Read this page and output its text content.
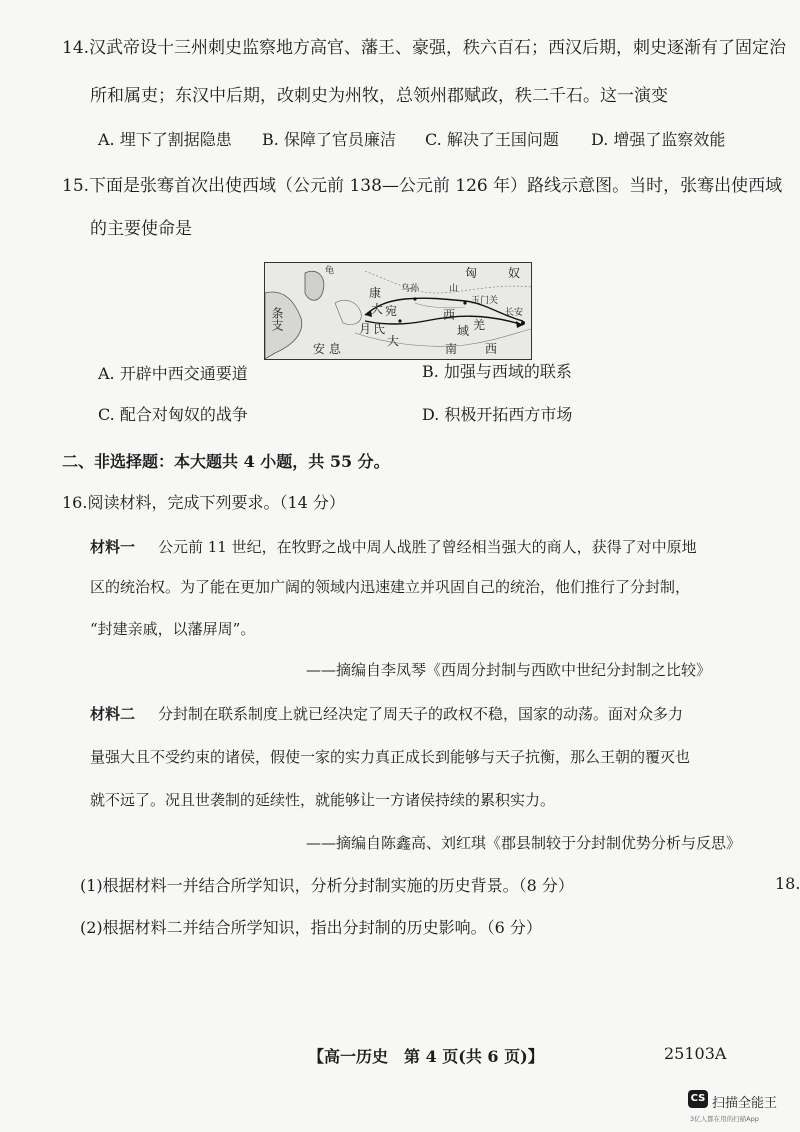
14.汉武帝设十三州刺史监察地方高官、藩王、豪强，秩六百石；西汉后期，刺史逐渐有了固定治
所和属吏；东汉中后期，改刺史为州牧，总领州郡赋政，秩二千石。这一演变
A. 埋下了割据隐患 B. 保障了官员廉洁 C. 解决了王国问题 D. 增强了监察效能
15.下面是张骞首次出使西域（公元前 138—公元前 126 年）路线示意图。当时，张骞出使西域
的主要使命是
匈	奴
龟
乌孙
康
宛
大
月 氏
大
西
域 羌
安 息
条支
南 西
山
玉门关
长安
A. 开辟中西交通要道	B. 加强与西域的联系
C. 配合对匈奴的战争	D. 积极开拓西方市场
二、非选择题：本大题共 4 小题，共 55 分。
16.阅读材料，完成下列要求。（14 分）
材料一 公元前 11 世纪，在牧野之战中周人战胜了曾经相当强大的商人，获得了对中原地
区的统治权。为了能在更加广阔的领域内迅速建立并巩固自己的统治，他们推行了分封制，
“封建亲戚，以藩屏周”。
——摘编自李凤琴《西周分封制与西欧中世纪分封制之比较》
材料二 分封制在联系制度上就已经决定了周天子的政权不稳，国家的动荡。面对众多力
量强大且不受约束的诸侯，假使一家的实力真正成长到能够与天子抗衡，那么王朝的覆灭也
就不远了。况且世袭制的延续性，就能够让一方诸侯持续的累积实力。
——摘编自陈鑫高、刘红琪《郡县制较于分封制优势分析与反思》
(1)根据材料一并结合所学知识，分析分封制实施的历史背景。（8 分）
(2)根据材料二并结合所学知识，指出分封制的历史影响。（6 分）
18.
【高一历史　第 4 页(共 6 页)】	25103A
CS 扫描全能王
3亿人都在用的扫描App
